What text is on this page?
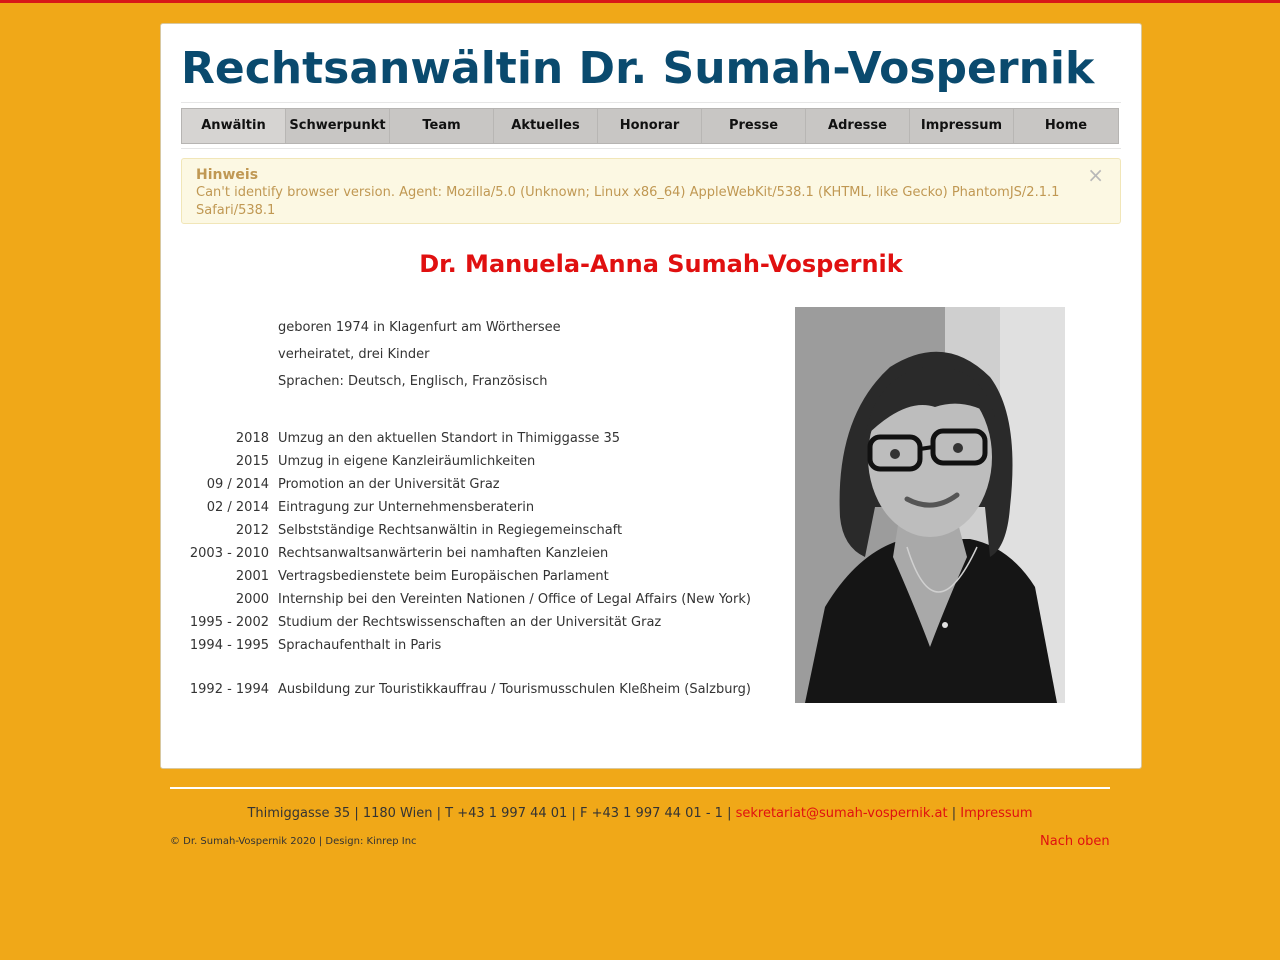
Rechtsanwältin Dr. Sumah-Vospernik
Anwältin	Schwerpunkt	Team	Aktuelles	Honorar	Presse	Adresse	Impressum	Home
Hinweis
Can't identify browser version. Agent: Mozilla/5.0 (Unknown; Linux x86_64) AppleWebKit/538.1 (KHTML, like Gecko) PhantomJS/2.1.1 Safari/538.1
×
Dr. Manuela-Anna Sumah-Vospernik
geboren 1974 in Klagenfurt am Wörthersee
verheiratet, drei Kinder
Sprachen: Deutsch, Englisch, Französisch
2018 Umzug an den aktuellen Standort in Thimiggasse 35
2015 Umzug in eigene Kanzleiräumlichkeiten
09 / 2014 Promotion an der Universität Graz
02 / 2014 Eintragung zur Unternehmensberaterin
2012 Selbstständige Rechtsanwältin in Regiegemeinschaft
2003 - 2010 Rechtsanwaltsanwärterin bei namhaften Kanzleien
2001 Vertragsbedienstete beim Europäischen Parlament
2000 Internship bei den Vereinten Nationen / Office of Legal Affairs (New York)
1995 - 2002 Studium der Rechtswissenschaften an der Universität Graz
1994 - 1995 Sprachaufenthalt in Paris
1992 - 1994 Ausbildung zur Touristikkauffrau / Tourismusschulen Kleßheim (Salzburg)
Thimiggasse 35 | 1180 Wien | T +43 1 997 44 01 | F +43 1 997 44 01 - 1 | sekretariat@sumah-vospernik.at | Impressum
© Dr. Sumah-Vospernik 2020 | Design: Kinrep Inc	Nach oben
